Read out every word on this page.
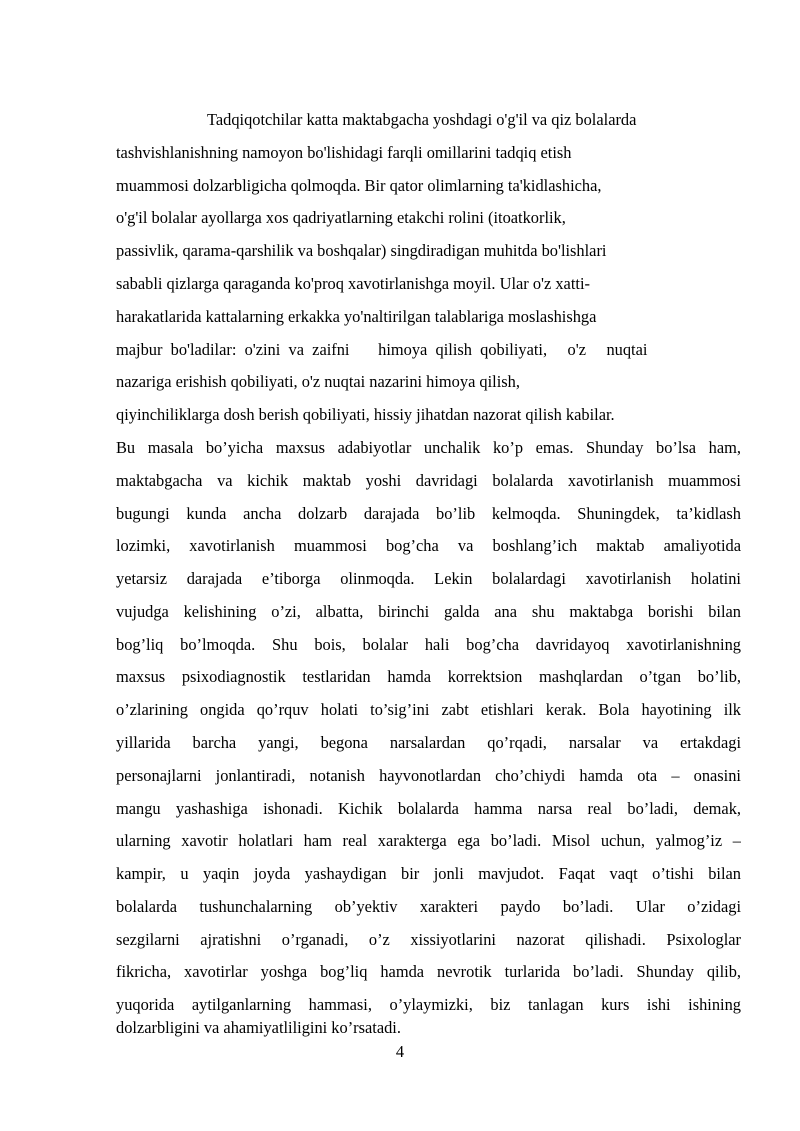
Tadqiqotchilar katta maktabgacha yoshdagi o'g'il va qiz bolalarda
tashvishlanishning namoyon bo'lishidagi farqli omillarini tadqiq etish
muammosi dolzarbligicha qolmoqda. Bir qator olimlarning ta'kidlashicha,
o'g'il bolalar ayollarga xos qadriyatlarning etakchi rolini (itoatkorlik,
passivlik, qarama-qarshilik va boshqalar) singdiradigan muhitda bo'lishlari
sababli qizlarga qaraganda ko'proq xavotirlanishga moyil. Ular o'z xatti-
harakatlarida kattalarning erkakka yo'naltirilgan talablariga moslashishga
majbur  bo'ladilar:  o'zini  va  zaifni       himoya  qilish  qobiliyati,     o'z     nuqtai
nazariga erishish qobiliyati, o'z nuqtai nazarini himoya qilish,
qiyinchiliklarga dosh berish qobiliyati, hissiy jihatdan nazorat qilish kabilar.
Bu masala bo’yicha maxsus adabiyotlar unchalik ko’p emas. Shunday bo’lsa ham,
maktabgacha va kichik maktab yoshi davridagi bolalarda xavotirlanish muammosi
bugungi kunda ancha dolzarb darajada bo’lib kelmoqda. Shuningdek, ta’kidlash
lozimki, xavotirlanish muammosi bog’cha va boshlang’ich maktab amaliyotida
yetarsiz darajada e’tiborga olinmoqda. Lekin bolalardagi xavotirlanish holatini
vujudga kelishining o’zi, albatta, birinchi galda ana shu maktabga borishi bilan
bog’liq bo’lmoqda. Shu bois, bolalar hali bog’cha davridayoq xavotirlanishning
maxsus psixodiagnostik testlaridan hamda korrektsion mashqlardan o’tgan bo’lib,
o’zlarining ongida qo’rquv holati to’sig’ini zabt etishlari kerak. Bola hayotining ilk
yillarida barcha yangi, begona narsalardan qo’rqadi, narsalar va ertakdagi
personajlarni jonlantiradi, notanish hayvonotlardan cho’chiydi hamda ota – onasini
mangu yashashiga ishonadi. Kichik bolalarda hamma narsa real bo’ladi, demak,
ularning xavotir holatlari ham real xarakterga ega bo’ladi. Misol uchun, yalmog’iz –
kampir, u yaqin joyda yashaydigan bir jonli mavjudot. Faqat vaqt o’tishi bilan
bolalarda tushunchalarning ob’yektiv xarakteri paydo bo’ladi. Ular o’zidagi
sezgilarni ajratishni o’rganadi, o’z xissiyotlarini nazorat qilishadi. Psixologlar
fikricha, xavotirlar yoshga bog’liq hamda nevrotik turlarida bo’ladi. Shunday qilib,
yuqorida aytilganlarning hammasi, o’ylaymizki, biz tanlagan kurs ishi ishining
dolzarbligini va ahamiyatliligini ko’rsatadi.
4
